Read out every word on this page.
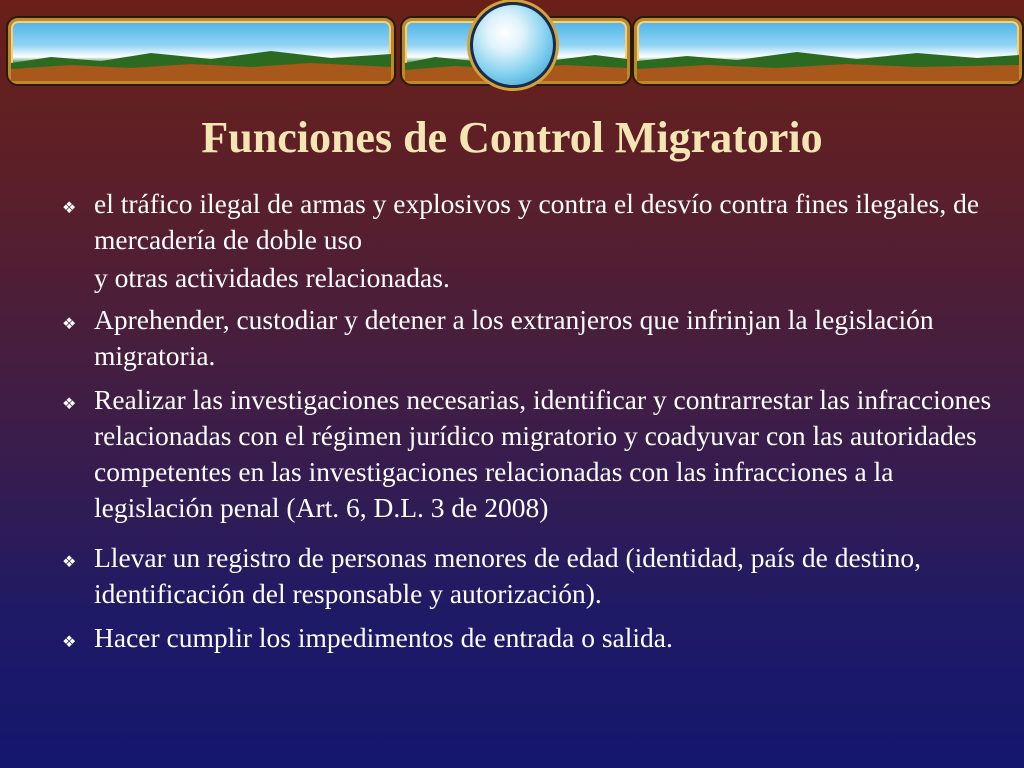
Funciones de Control Migratorio
❖ el tráfico ilegal de armas y explosivos y contra el desvío contra fines ilegales, de mercadería de doble uso
y otras actividades relacionadas.
❖ Aprehender, custodiar y detener a los extranjeros que infrinjan la legislación migratoria.
❖ Realizar las investigaciones necesarias, identificar y contrarrestar las infracciones relacionadas con el régimen jurídico migratorio y coadyuvar con las autoridades competentes en las investigaciones relacionadas con las infracciones a la legislación penal (Art. 6, D.L. 3 de 2008)
❖ Llevar un registro de personas menores de edad (identidad, país de destino, identificación del responsable y autorización).
❖ Hacer cumplir los impedimentos de entrada o salida.
